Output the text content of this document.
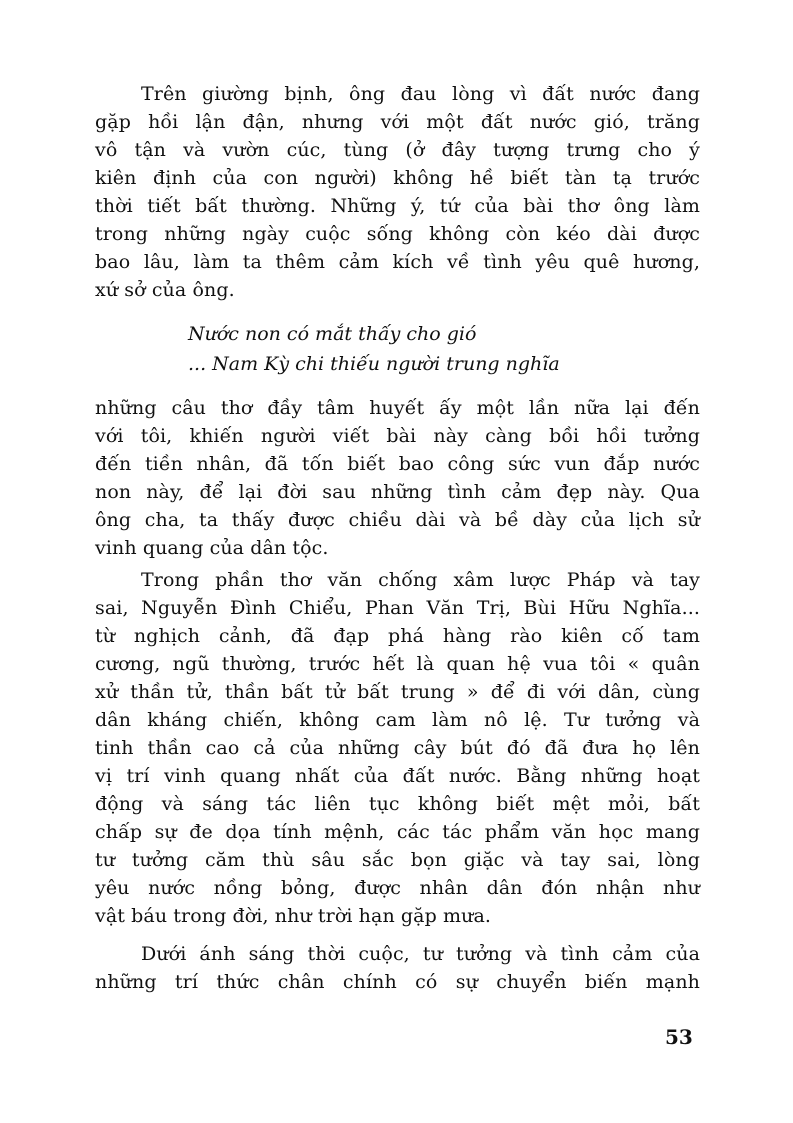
Trên giường bịnh, ông đau lòng vì đất nước đang
gặp hồi lận đận, nhưng với một đất nước gió, trăng
vô tận và vườn cúc, tùng (ở đây tượng trưng cho ý
kiên định của con người) không hề biết tàn tạ trước
thời tiết bất thường. Những ý, tứ của bài thơ ông làm
trong những ngày cuộc sống không còn kéo dài được
bao lâu, làm ta thêm cảm kích về tình yêu quê hương,
xứ sở của ông.
Nước non có mắt thấy cho gió
... Nam Kỳ chi thiếu người trung nghĩa
những câu thơ đầy tâm huyết ấy một lần nữa lại đến
với tôi, khiến người viết bài này càng bồi hồi tưởng
đến tiền nhân, đã tốn biết bao công sức vun đắp nước
non này, để lại đời sau những tình cảm đẹp này. Qua
ông cha, ta thấy được chiều dài và bề dày của lịch sử
vinh quang của dân tộc.
Trong phần thơ văn chống xâm lược Pháp và tay
sai, Nguyễn Đình Chiểu, Phan Văn Trị, Bùi Hữu Nghĩa...
từ nghịch cảnh, đã đạp phá hàng rào kiên cố tam
cương, ngũ thường, trước hết là quan hệ vua tôi « quân
xử thần tử, thần bất tử bất trung » để đi với dân, cùng
dân kháng chiến, không cam làm nô lệ. Tư tưởng và
tinh thần cao cả của những cây bút đó đã đưa họ lên
vị trí vinh quang nhất của đất nước. Bằng những hoạt
động và sáng tác liên tục không biết mệt mỏi, bất
chấp sự đe dọa tính mệnh, các tác phẩm văn học mang
tư tưởng căm thù sâu sắc bọn giặc và tay sai, lòng
yêu nước nồng bỏng, được nhân dân đón nhận như
vật báu trong đời, như trời hạn gặp mưa.
Dưới ánh sáng thời cuộc, tư tưởng và tình cảm của
những trí thức chân chính có sự chuyển biến mạnh
53
